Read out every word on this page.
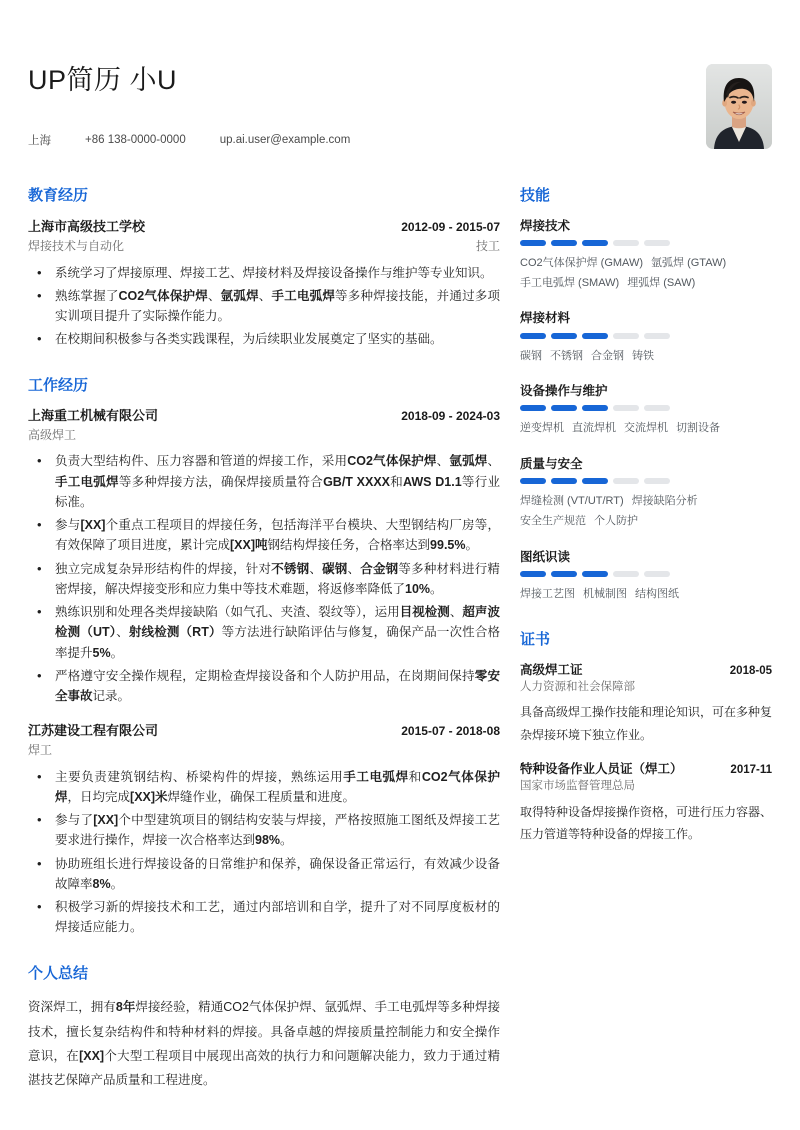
UP简历 小U
上海	+86 138-0000-0000	up.ai.user@example.com
教育经历
上海市高级技工学校	2012-09 - 2015-07
焊接技术与自动化	技工
• 系统学习了焊接原理、焊接工艺、焊接材料及焊接设备操作与维护等专业知识。
• 熟练掌握了CO2气体保护焊、氩弧焊、手工电弧焊等多种焊接技能，并通过多项实训项目提升了实际操作能力。
• 在校期间积极参与各类实践课程，为后续职业发展奠定了坚实的基础。
工作经历
上海重工机械有限公司	2018-09 - 2024-03
高级焊工
• 负责大型结构件、压力容器和管道的焊接工作，采用CO2气体保护焊、氩弧焊、手工电弧焊等多种焊接方法，确保焊接质量符合GB/T XXXX和AWS D1.1等行业标准。
• 参与[XX]个重点工程项目的焊接任务，包括海洋平台模块、大型钢结构厂房等，有效保障了项目进度，累计完成[XX]吨钢结构焊接任务，合格率达到99.5%。
• 独立完成复杂异形结构件的焊接，针对不锈钢、碳钢、合金钢等多种材料进行精密焊接，解决焊接变形和应力集中等技术难题，将返修率降低了10%。
• 熟练识别和处理各类焊接缺陷（如气孔、夹渣、裂纹等），运用目视检测、超声波检测（UT）、射线检测（RT）等方法进行缺陷评估与修复，确保产品一次性合格率提升5%。
• 严格遵守安全操作规程，定期检查焊接设备和个人防护用品，在岗期间保持零安全事故记录。
江苏建设工程有限公司	2015-07 - 2018-08
焊工
• 主要负责建筑钢结构、桥梁构件的焊接，熟练运用手工电弧焊和CO2气体保护焊，日均完成[XX]米焊缝作业，确保工程质量和进度。
• 参与了[XX]个中型建筑项目的钢结构安装与焊接，严格按照施工图纸及焊接工艺要求进行操作，焊接一次合格率达到98%。
• 协助班组长进行焊接设备的日常维护和保养，确保设备正常运行，有效减少设备故障率8%。
• 积极学习新的焊接技术和工艺，通过内部培训和自学，提升了对不同厚度板材的焊接适应能力。
个人总结

资深焊工，拥有8年焊接经验，精通CO2气体保护焊、氩弧焊、手工电弧焊等多种焊接技术，擅长复杂结构件和特种材料的焊接。具备卓越的焊接质量控制能力和安全操作意识，在[XX]个大型工程项目中展现出高效的执行力和问题解决能力，致力于通过精湛技艺保障产品质量和工程进度。

技能
焊接技术
CO2气体保护焊 (GMAW) 氩弧焊 (GTAW)手工电弧焊 (SMAW) 埋弧焊 (SAW)
焊接材料
碳钢 不锈钢 合金钢 铸铁
设备操作与维护
逆变焊机 直流焊机 交流焊机 切割设备
质量与安全
焊缝检测 (VT/UT/RT) 焊接缺陷分析安全生产规范 个人防护
图纸识读
焊接工艺图 机械制图 结构图纸
证书
高级焊工证	2018-05
人力资源和社会保障部
具备高级焊工操作技能和理论知识，可在多种复杂焊接环境下独立作业。
特种设备作业人员证（焊工）	2017-11
国家市场监督管理总局
取得特种设备焊接操作资格，可进行压力容器、压力管道等特种设备的焊接工作。
